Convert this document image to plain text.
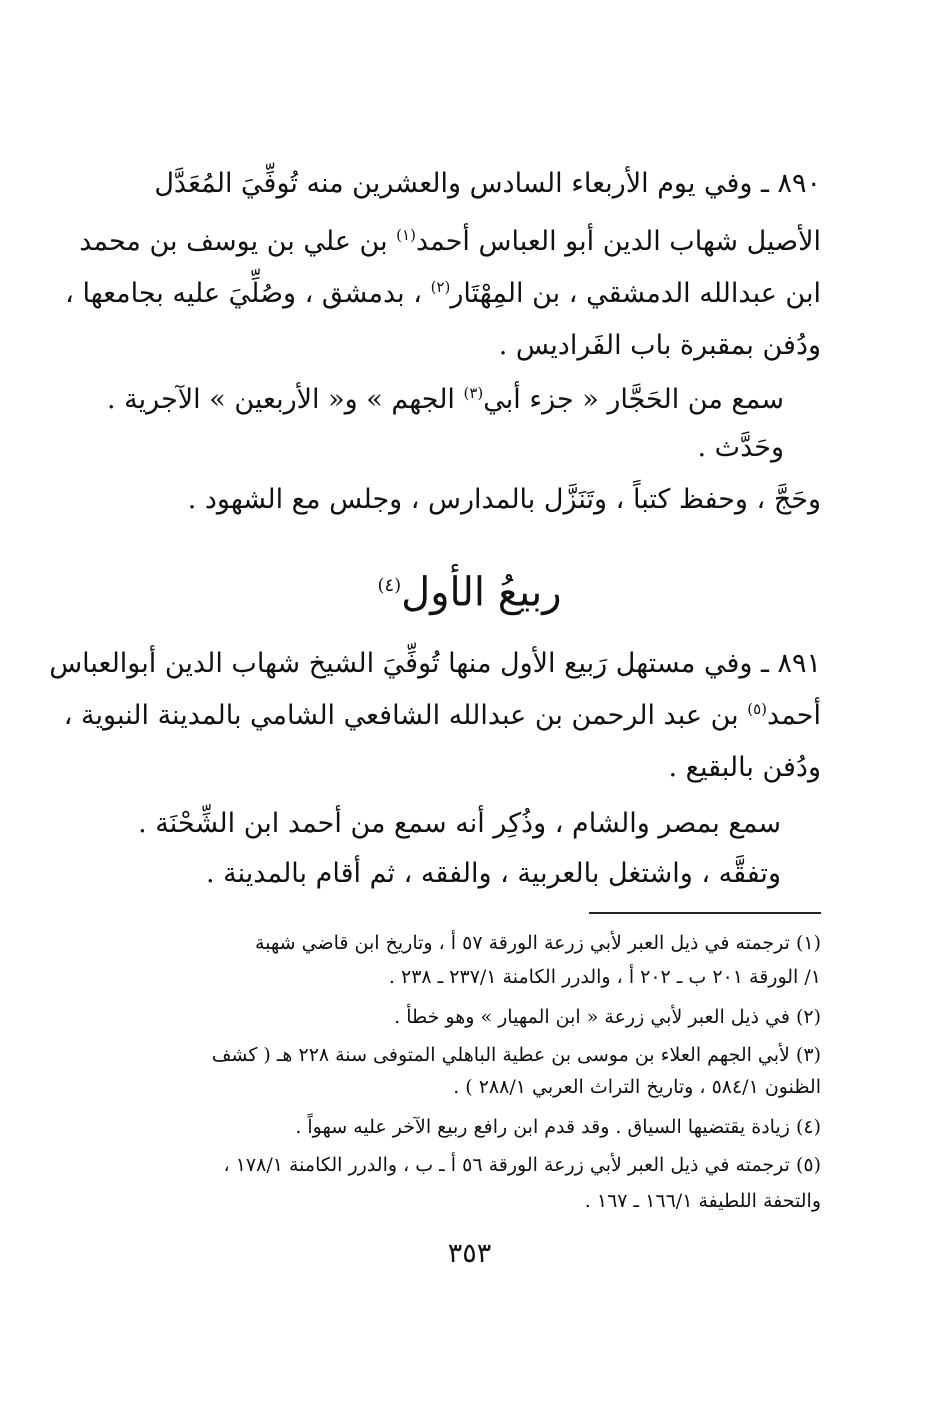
٨٩٠ ـ وفي يوم الأربعاء السادس والعشرين منه تُوفِّيَ المُعَدَّل
الأصيل شهاب الدين أبو العباس أحمد$^{(١)}$ بن علي بن يوسف بن محمد
ابن عبدالله الدمشقي ، بن المِهْتَار$^{(٢)}$ ، بدمشق ، وصُلِّيَ عليه بجامعها ،
ودُفن بمقبرة باب الفَراديس .
سمع من الحَجَّار « جزء أبي$^{(٣)}$ الجهم » و« الأربعين » الآجرية .
وحَدَّث .
وحَجَّ ، وحفظ كتباً ، وتَنَزَّل بالمدارس ، وجلس مع الشهود .
ربيعُ الأول$^{(٤)}$
٨٩١ ـ وفي مستهل رَبيع الأول منها تُوفِّيَ الشيخ شهاب الدين أبوالعباس
أحمد$^{(٥)}$ بن عبد الرحمن بن عبدالله الشافعي الشامي بالمدينة النبوية ،
ودُفن بالبقيع .
سمع بمصر والشام ، وذُكِر أنه سمع من أحمد ابن الشِّحْنَة .
وتفقَّه ، واشتغل بالعربية ، والفقه ، ثم أقام بالمدينة .
(١) ترجمته في ذيل العبر لأبي زرعة الورقة ٥٧ أ ، وتاريخ ابن قاضي شهبة
١/ الورقة ٢٠١ ب ـ ٢٠٢ أ ، والدرر الكامنة ٢٣٧/١ ـ ٢٣٨ .
(٢) في ذيل العبر لأبي زرعة « ابن المهيار » وهو خطأ .
(٣) لأبي الجهم العلاء بن موسى بن عطية الباهلي المتوفى سنة ٢٢٨ هـ ( كشف
الظنون ٥٨٤/١ ، وتاريخ التراث العربي ٢٨٨/١ ) .
(٤) زيادة يقتضيها السياق . وقد قدم ابن رافع ربيع الآخر عليه سهواً .
(٥) ترجمته في ذيل العبر لأبي زرعة الورقة ٥٦ أ ـ ب ، والدرر الكامنة ١٧٨/١ ،
والتحفة اللطيفة ١٦٦/١ ـ ١٦٧ .
٣٥٣
